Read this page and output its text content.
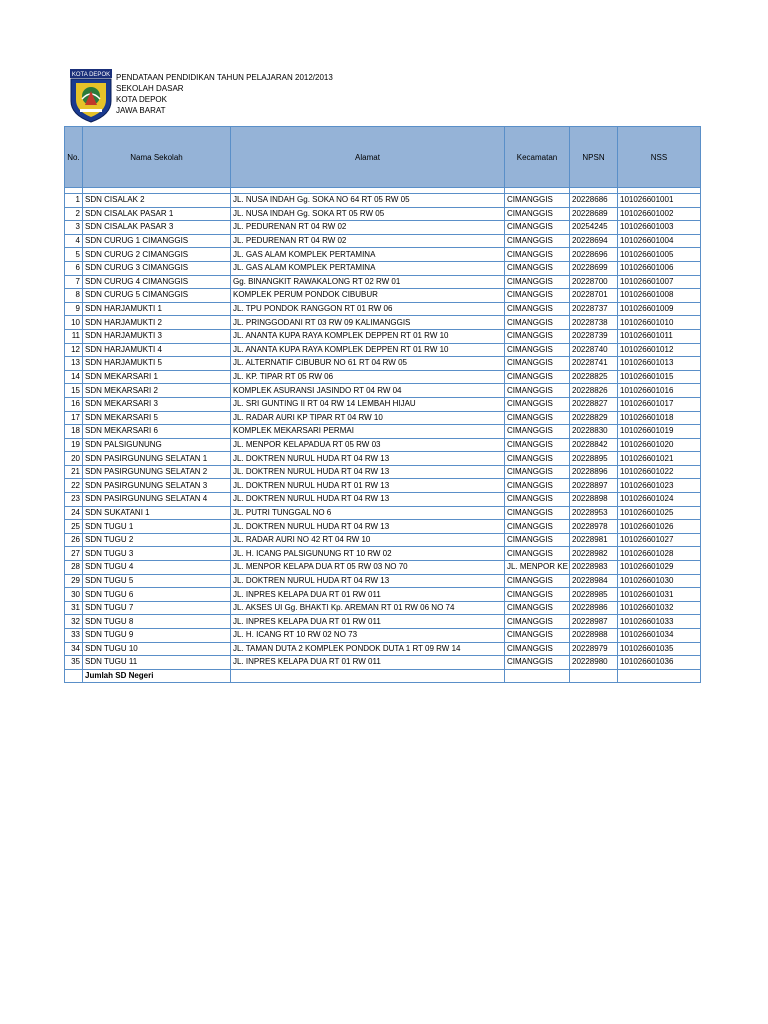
KOTA DEPOK PENDATAAN PENDIDIKAN TAHUN PELAJARAN 2012/2013
SEKOLAH DASAR
KOTA DEPOK
JAWA BARAT
No.	Nama Sekolah	Alamat	Kecamatan	NPSN	NSS

1	SDN CISALAK 2	JL. NUSA INDAH Gg. SOKA NO 64 RT 05 RW 05	CIMANGGIS	20228686	101026601001
2	SDN CISALAK PASAR 1	JL. NUSA INDAH Gg. SOKA RT 05 RW 05	CIMANGGIS	20228689	101026601002
3	SDN CISALAK PASAR 3	JL. PEDURENAN RT 04 RW 02	CIMANGGIS	20254245	101026601003
4	SDN CURUG 1 CIMANGGIS	JL. PEDURENAN RT 04 RW 02	CIMANGGIS	20228694	101026601004
5	SDN CURUG 2 CIMANGGIS	JL. GAS ALAM KOMPLEK PERTAMINA	CIMANGGIS	20228696	101026601005
6	SDN CURUG 3 CIMANGGIS	JL. GAS ALAM KOMPLEK PERTAMINA	CIMANGGIS	20228699	101026601006
7	SDN CURUG 4 CIMANGGIS	Gg. BINANGKIT RAWAKALONG RT 02 RW 01	CIMANGGIS	20228700	101026601007
8	SDN CURUG 5 CIMANGGIS	KOMPLEK PERUM PONDOK CIBUBUR	CIMANGGIS	20228701	101026601008
9	SDN HARJAMUKTI 1	JL. TPU PONDOK RANGGON RT 01 RW 06	CIMANGGIS	20228737	101026601009
10	SDN HARJAMUKTI 2	JL. PRINGGODANI RT 03 RW 09 KALIMANGGIS	CIMANGGIS	20228738	101026601010
11	SDN HARJAMUKTI 3	JL. ANANTA KUPA RAYA KOMPLEK DEPPEN RT 01 RW 10	CIMANGGIS	20228739	101026601011
12	SDN HARJAMUKTI 4	JL. ANANTA KUPA RAYA KOMPLEK DEPPEN RT 01 RW 10	CIMANGGIS	20228740	101026601012
13	SDN HARJAMUKTI 5	JL. ALTERNATIF CIBUBUR NO 61 RT 04 RW 05	CIMANGGIS	20228741	101026601013
14	SDN MEKARSARI 1	JL. KP. TIPAR RT 05 RW 06	CIMANGGIS	20228825	101026601015
15	SDN MEKARSARI 2	KOMPLEK ASURANSI JASINDO RT 04 RW 04	CIMANGGIS	20228826	101026601016
16	SDN MEKARSARI 3	JL. SRI GUNTING II RT 04 RW 14 LEMBAH HIJAU	CIMANGGIS	20228827	101026601017
17	SDN MEKARSARI 5	JL. RADAR AURI KP TIPAR RT 04 RW 10	CIMANGGIS	20228829	101026601018
18	SDN MEKARSARI 6	KOMPLEK MEKARSARI PERMAI	CIMANGGIS	20228830	101026601019
19	SDN PALSIGUNUNG	JL. MENPOR KELAPADUA RT 05 RW 03	CIMANGGIS	20228842	101026601020
20	SDN PASIRGUNUNG SELATAN 1	JL. DOKTREN NURUL HUDA RT 04 RW 13	CIMANGGIS	20228895	101026601021
21	SDN PASIRGUNUNG SELATAN 2	JL. DOKTREN NURUL HUDA RT 04 RW 13	CIMANGGIS	20228896	101026601022
22	SDN PASIRGUNUNG SELATAN 3	JL. DOKTREN NURUL HUDA RT 01 RW 13	CIMANGGIS	20228897	101026601023
23	SDN PASIRGUNUNG SELATAN 4	JL. DOKTREN NURUL HUDA RT 04 RW 13	CIMANGGIS	20228898	101026601024
24	SDN SUKATANI 1	JL. PUTRI TUNGGAL NO 6	CIMANGGIS	20228953	101026601025
25	SDN TUGU 1	JL. DOKTREN NURUL HUDA RT 04 RW 13	CIMANGGIS	20228978	101026601026
26	SDN TUGU 2	JL. RADAR AURI NO 42 RT 04 RW 10	CIMANGGIS	20228981	101026601027
27	SDN TUGU 3	JL. H. ICANG PALSIGUNUNG RT 10 RW 02	CIMANGGIS	20228982	101026601028
28	SDN TUGU 4	JL. MENPOR KELAPA DUA RT 05 RW 03 NO 70	JL. MENPOR KE	20228983	101026601029
29	SDN TUGU 5	JL. DOKTREN NURUL HUDA RT 04 RW 13	CIMANGGIS	20228984	101026601030
30	SDN TUGU 6	JL. INPRES KELAPA DUA RT 01 RW 011	CIMANGGIS	20228985	101026601031
31	SDN TUGU 7	JL. AKSES UI Gg. BHAKTI Kp. AREMAN RT 01 RW 06 NO 74	CIMANGGIS	20228986	101026601032
32	SDN TUGU 8	JL. INPRES KELAPA DUA RT 01 RW 011	CIMANGGIS	20228987	101026601033
33	SDN TUGU 9	JL. H. ICANG RT 10 RW 02 NO 73	CIMANGGIS	20228988	101026601034
34	SDN TUGU 10	JL. TAMAN DUTA 2 KOMPLEK PONDOK DUTA 1 RT 09 RW 14	CIMANGGIS	20228979	101026601035
35	SDN TUGU 11	JL. INPRES KELAPA DUA RT 01 RW 011	CIMANGGIS	20228980	101026601036
	Jumlah SD Negeri				
